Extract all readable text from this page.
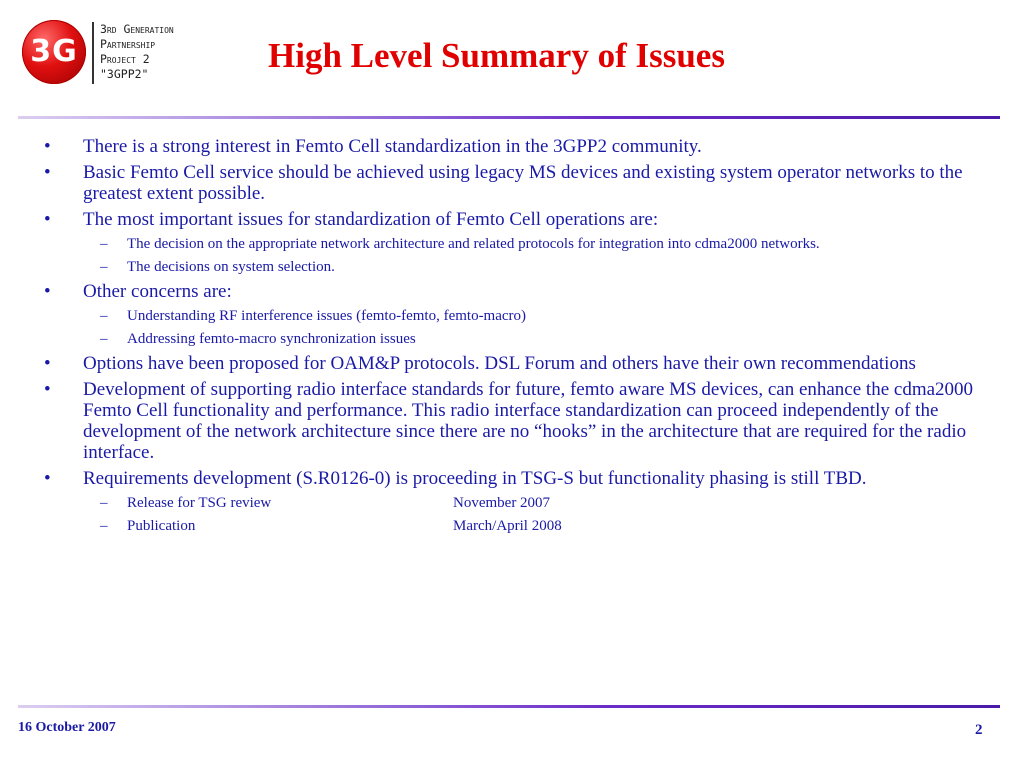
3G
3rd Generation
Partnership
Project 2
"3GPP2"	High Level Summary of Issues
•	There is a strong interest in Femto Cell standardization in the 3GPP2 community.
•	Basic Femto Cell service should be achieved using legacy MS devices and existing system operator networks to the greatest extent possible.
•	The most important issues for standardization of Femto Cell operations are:
– The decision on the appropriate network architecture and related protocols for integration into cdma2000 networks.
– The decisions on system selection.
•	Other concerns are:
– Understanding RF interference issues (femto-femto, femto-macro)
– Addressing femto-macro synchronization issues
•	Options have been proposed for OAM&P protocols. DSL Forum and others have their own recommendations
•	Development of supporting radio interface standards for future, femto aware MS devices, can enhance the cdma2000 Femto Cell functionality and performance. This radio interface standardization can proceed independently of the development of the network architecture since there are no “hooks” in the architecture that are required for the radio interface.
•	Requirements development (S.R0126-0) is proceeding in TSG-S but functionality phasing is still TBD.
– Release for TSG review	November 2007
– Publication	March/April 2008
16 October 2007	2
